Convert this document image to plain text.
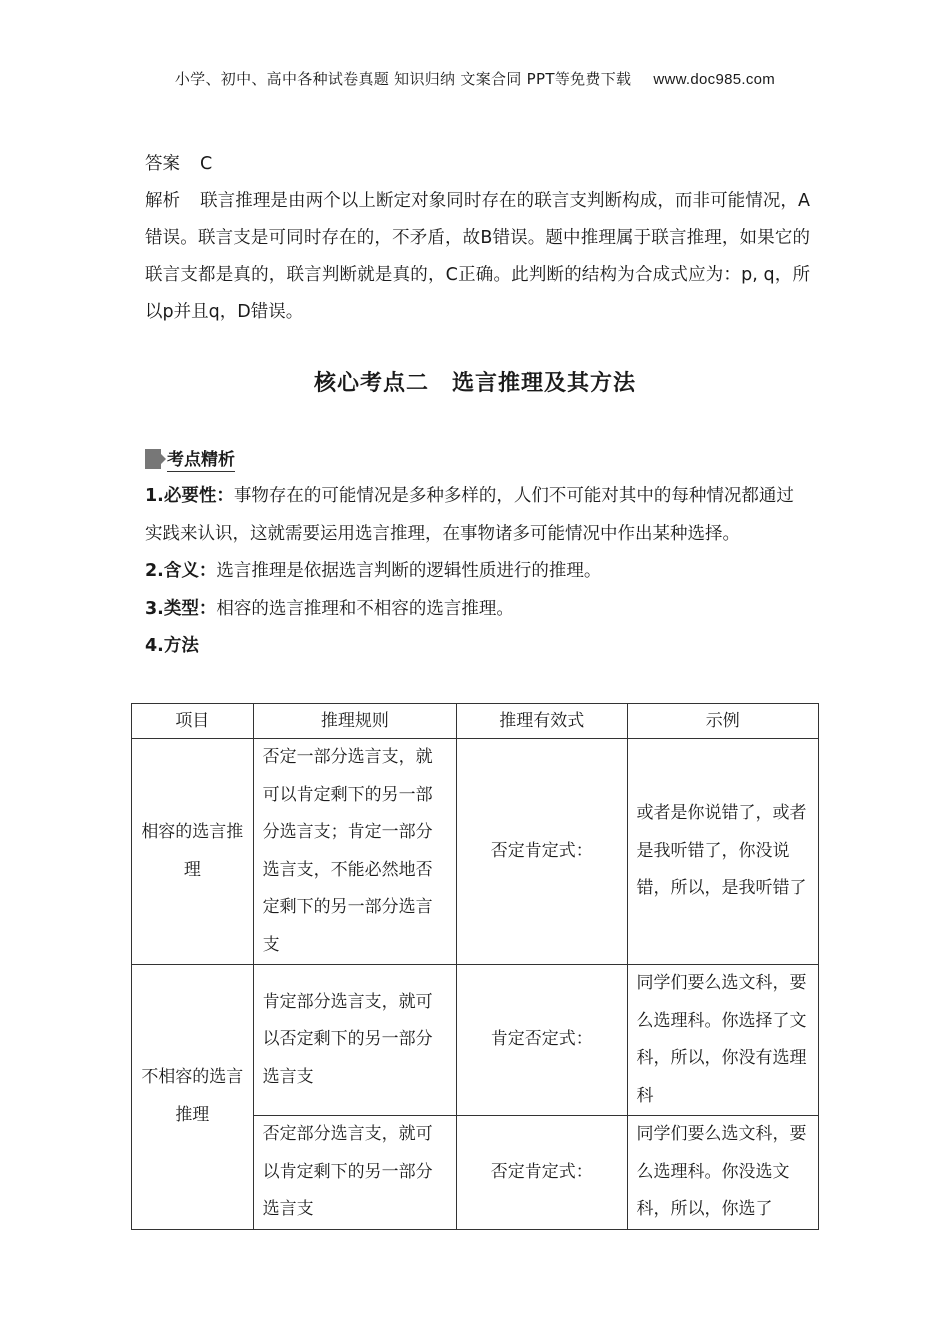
小学、初中、高中各种试卷真题 知识归纳 文案合同 PPT等免费下载 www.doc985.com

答案 C

解析 联言推理是由两个以上断定对象同时存在的联言支判断构成，而非可能情况，A错误。联言支是可同时存在的，不矛盾，故B错误。题中推理属于联言推理，如果它的联言支都是真的，联言判断就是真的，C正确。此判断的结构为合成式应为：p, q，所以p并且q，D错误。

核心考点二　选言推理及其方法
考点精析

1.必要性：事物存在的可能情况是多种多样的，人们不可能对其中的每种情况都通过实践来认识，这就需要运用选言推理，在事物诸多可能情况中作出某种选择。

2.含义：选言推理是依据选言判断的逻辑性质进行的推理。

3.类型：相容的选言推理和不相容的选言推理。

4.方法

项目	推理规则	推理有效式	示例
相容的选言推理	否定一部分选言支，就可以肯定剩下的另一部分选言支；肯定一部分选言支，不能必然地否定剩下的另一部分选言支	否定肯定式：	或者是你说错了，或者是我听错了，你没说错，所以，是我听错了
不相容的选言推理	肯定部分选言支，就可以否定剩下的另一部分选言支	肯定否定式：	同学们要么选文科，要么选理科。你选择了文科，所以，你没有选理科
	否定部分选言支，就可以肯定剩下的另一部分选言支	否定肯定式：	同学们要么选文科，要么选理科。你没选文科，所以，你选了
